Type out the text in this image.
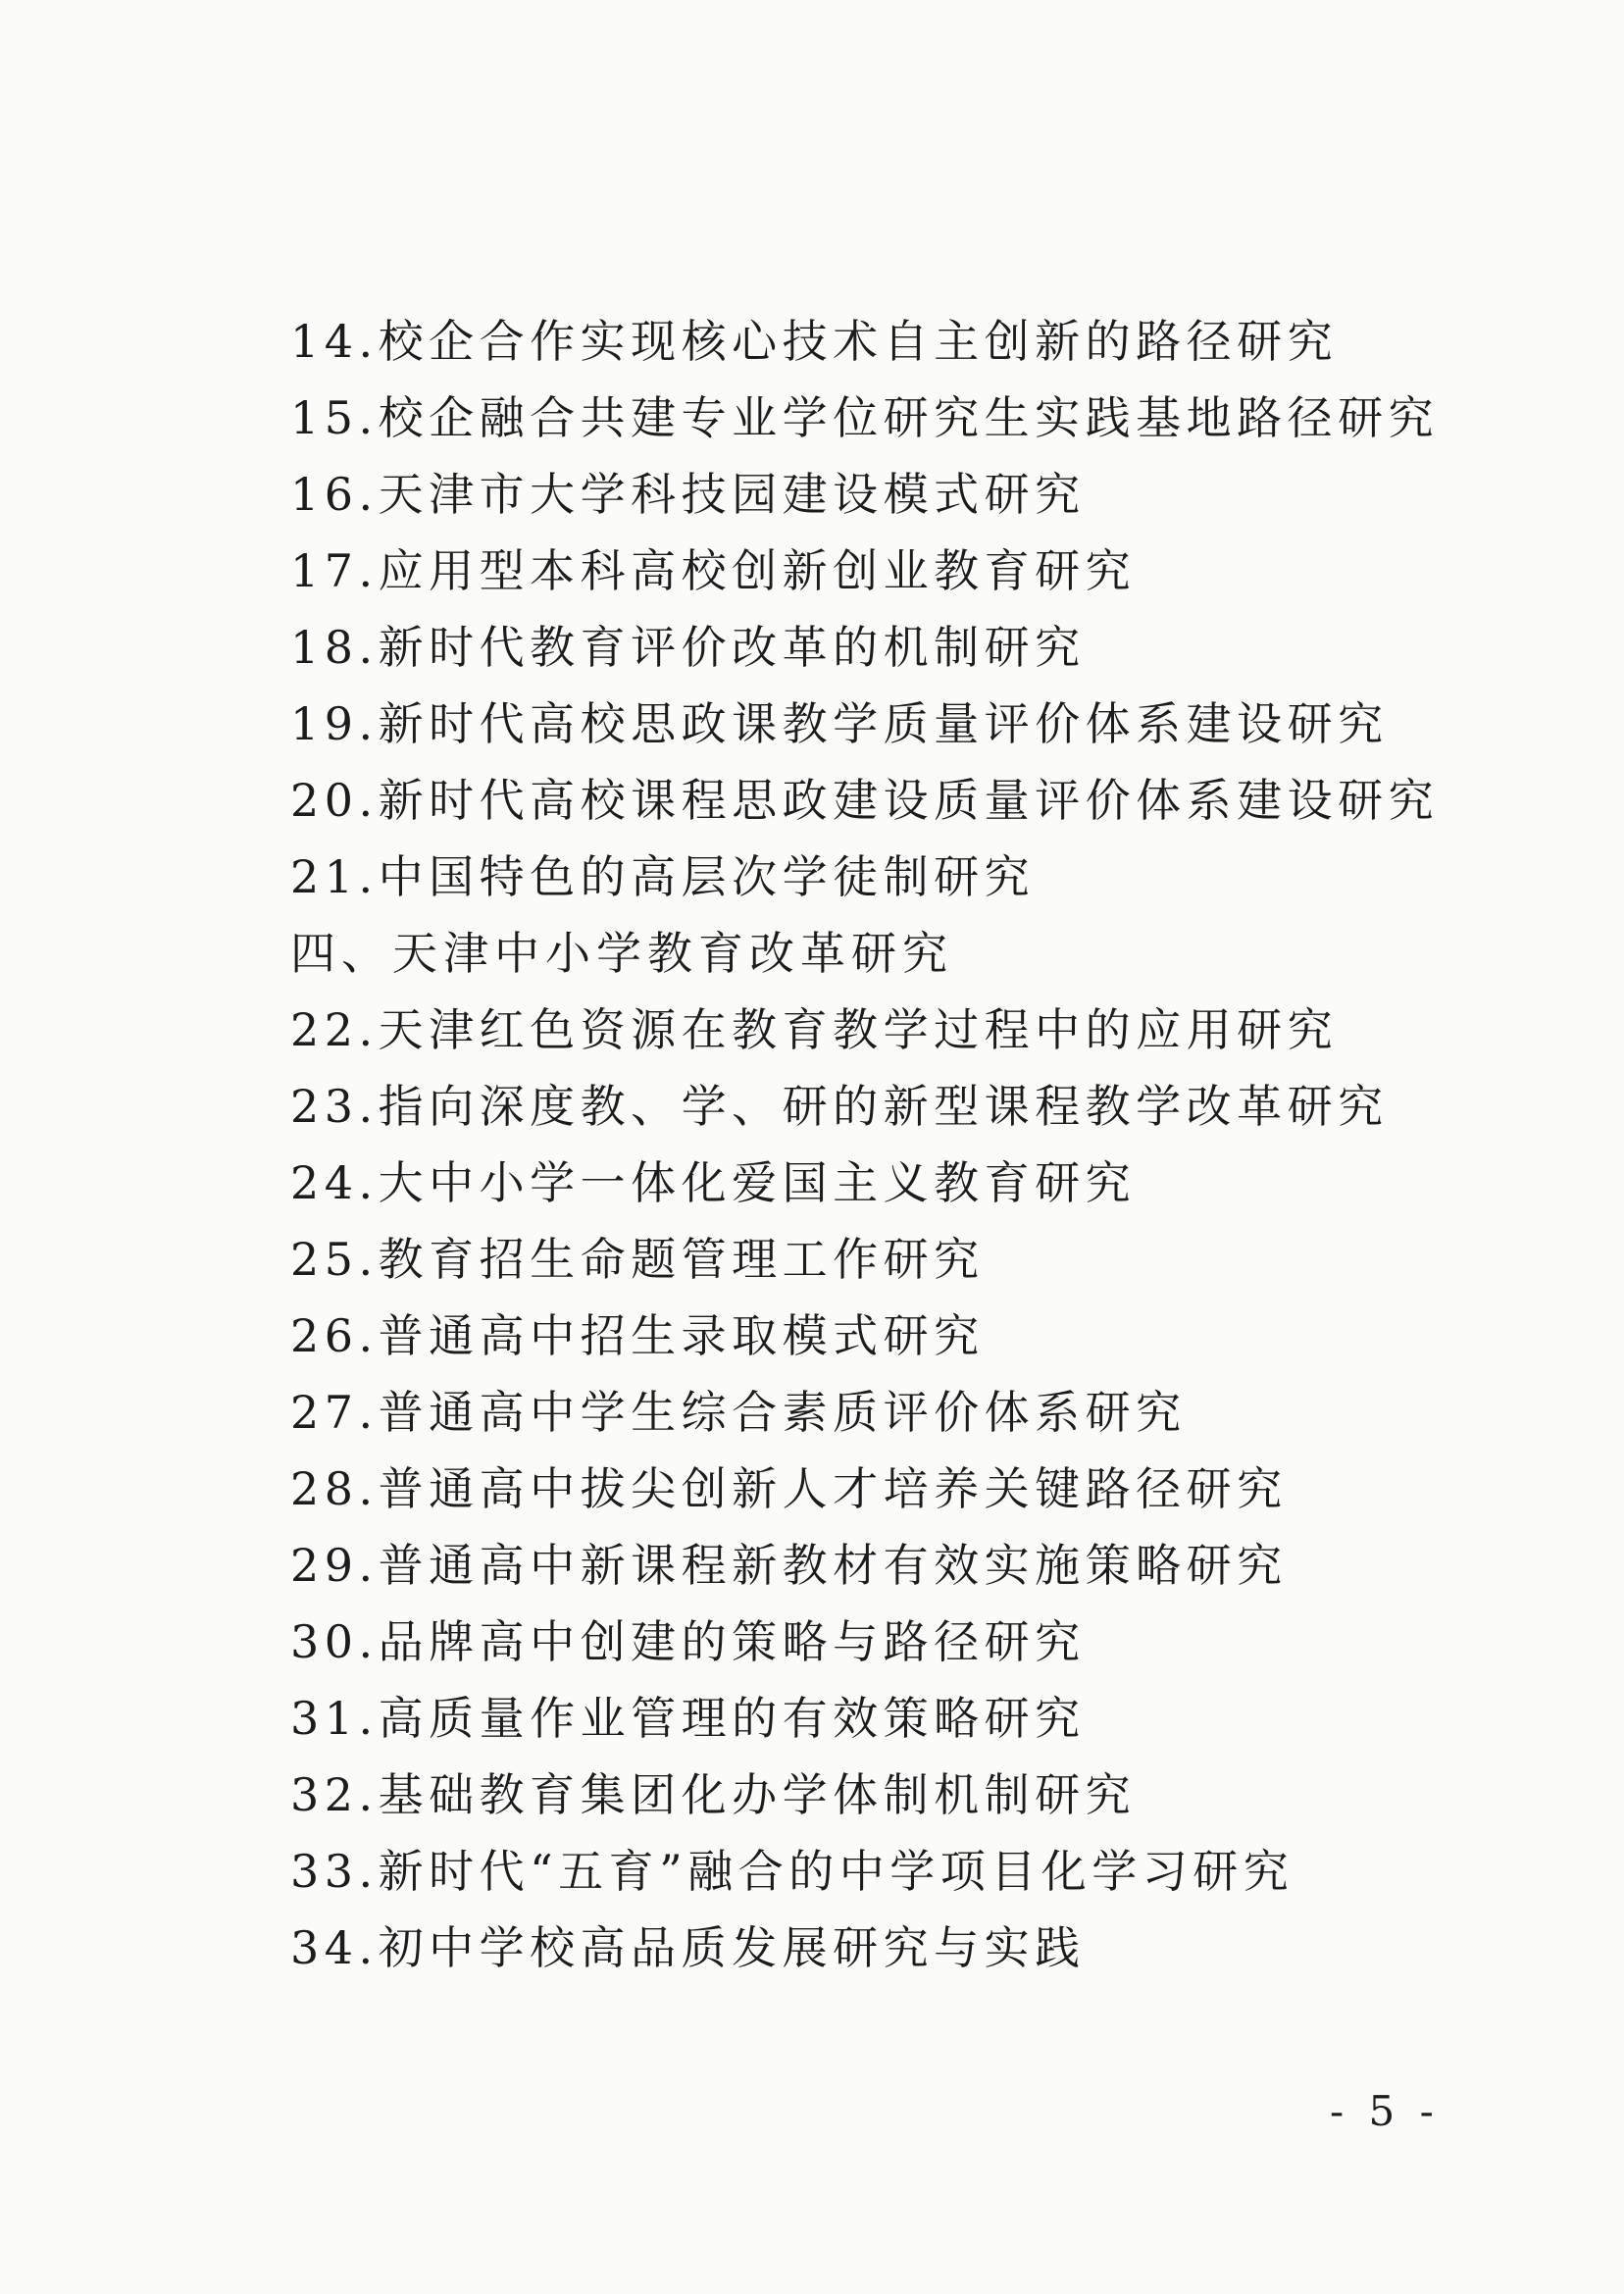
14.校企合作实现核心技术自主创新的路径研究
15.校企融合共建专业学位研究生实践基地路径研究
16.天津市大学科技园建设模式研究
17.应用型本科高校创新创业教育研究
18.新时代教育评价改革的机制研究
19.新时代高校思政课教学质量评价体系建设研究
20.新时代高校课程思政建设质量评价体系建设研究
21.中国特色的高层次学徒制研究
四、天津中小学教育改革研究
22.天津红色资源在教育教学过程中的应用研究
23.指向深度教、学、研的新型课程教学改革研究
24.大中小学一体化爱国主义教育研究
25.教育招生命题管理工作研究
26.普通高中招生录取模式研究
27.普通高中学生综合素质评价体系研究
28.普通高中拔尖创新人才培养关键路径研究
29.普通高中新课程新教材有效实施策略研究
30.品牌高中创建的策略与路径研究
31.高质量作业管理的有效策略研究
32.基础教育集团化办学体制机制研究
33.新时代“五育”融合的中学项目化学习研究
34.初中学校高品质发展研究与实践
- 5 -
